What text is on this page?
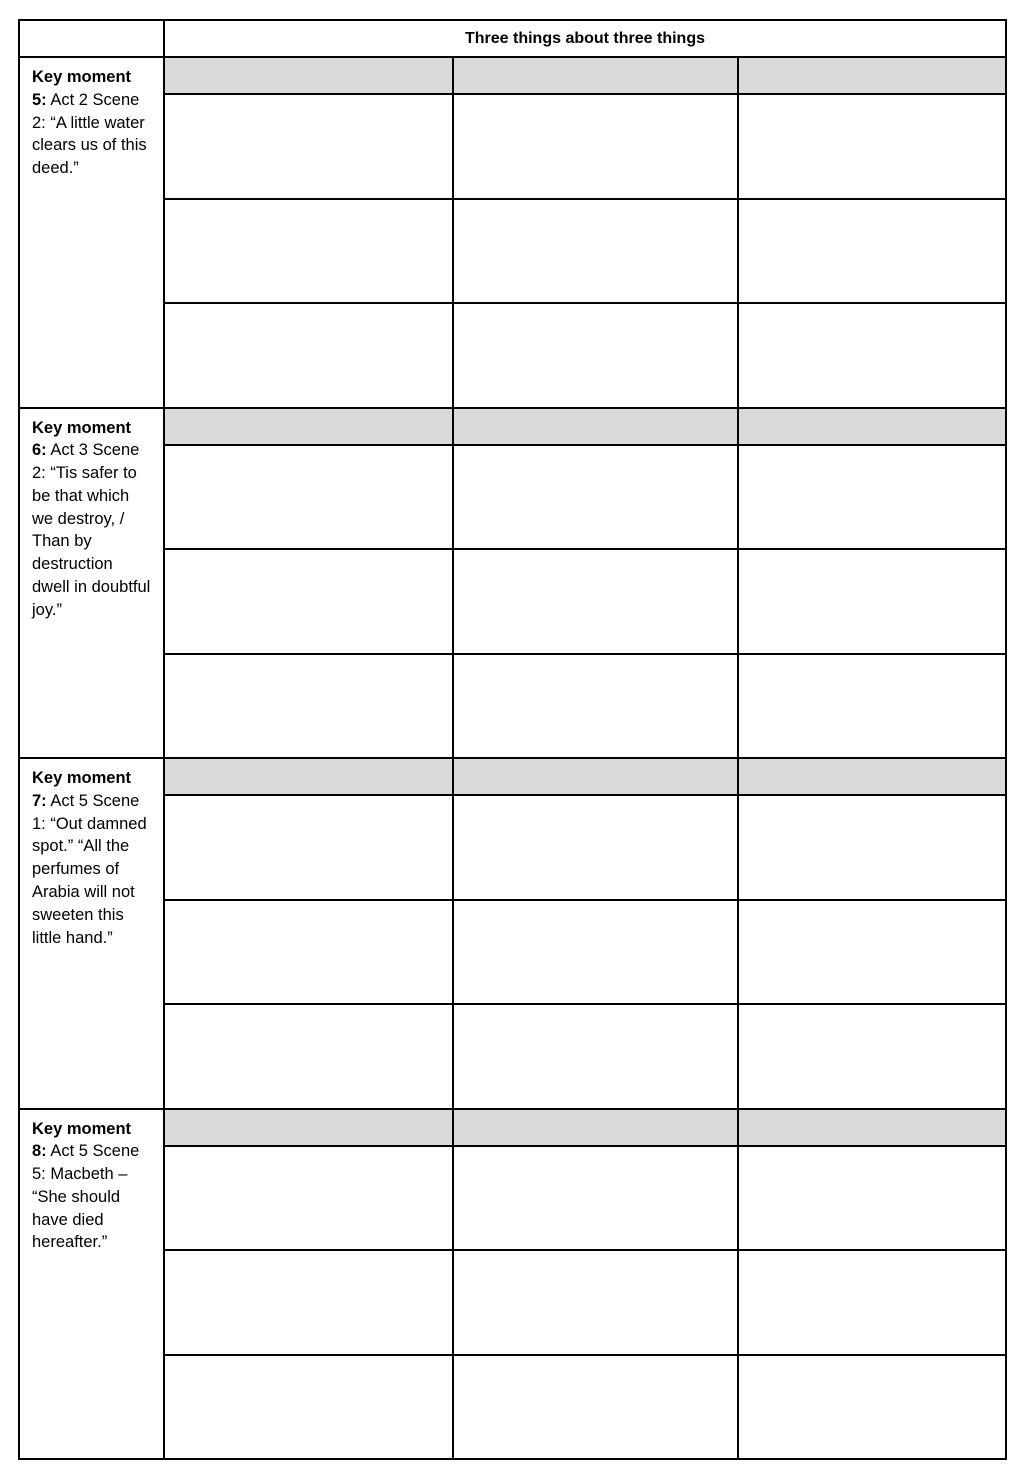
	Three things about three things		
Key moment
5: Act 2 Scene 2: “A little water clears us of this deed.”			

Key moment
6: Act 3 Scene 2: “Tis safer to be that which we destroy, / Than by destruction dwell in doubtful joy.”			

Key moment
7: Act 5 Scene 1: “Out damned spot.” “All the perfumes of Arabia will not sweeten this little hand.”			

Key moment
8: Act 5 Scene 5: Macbeth – “She should have died hereafter.”			
